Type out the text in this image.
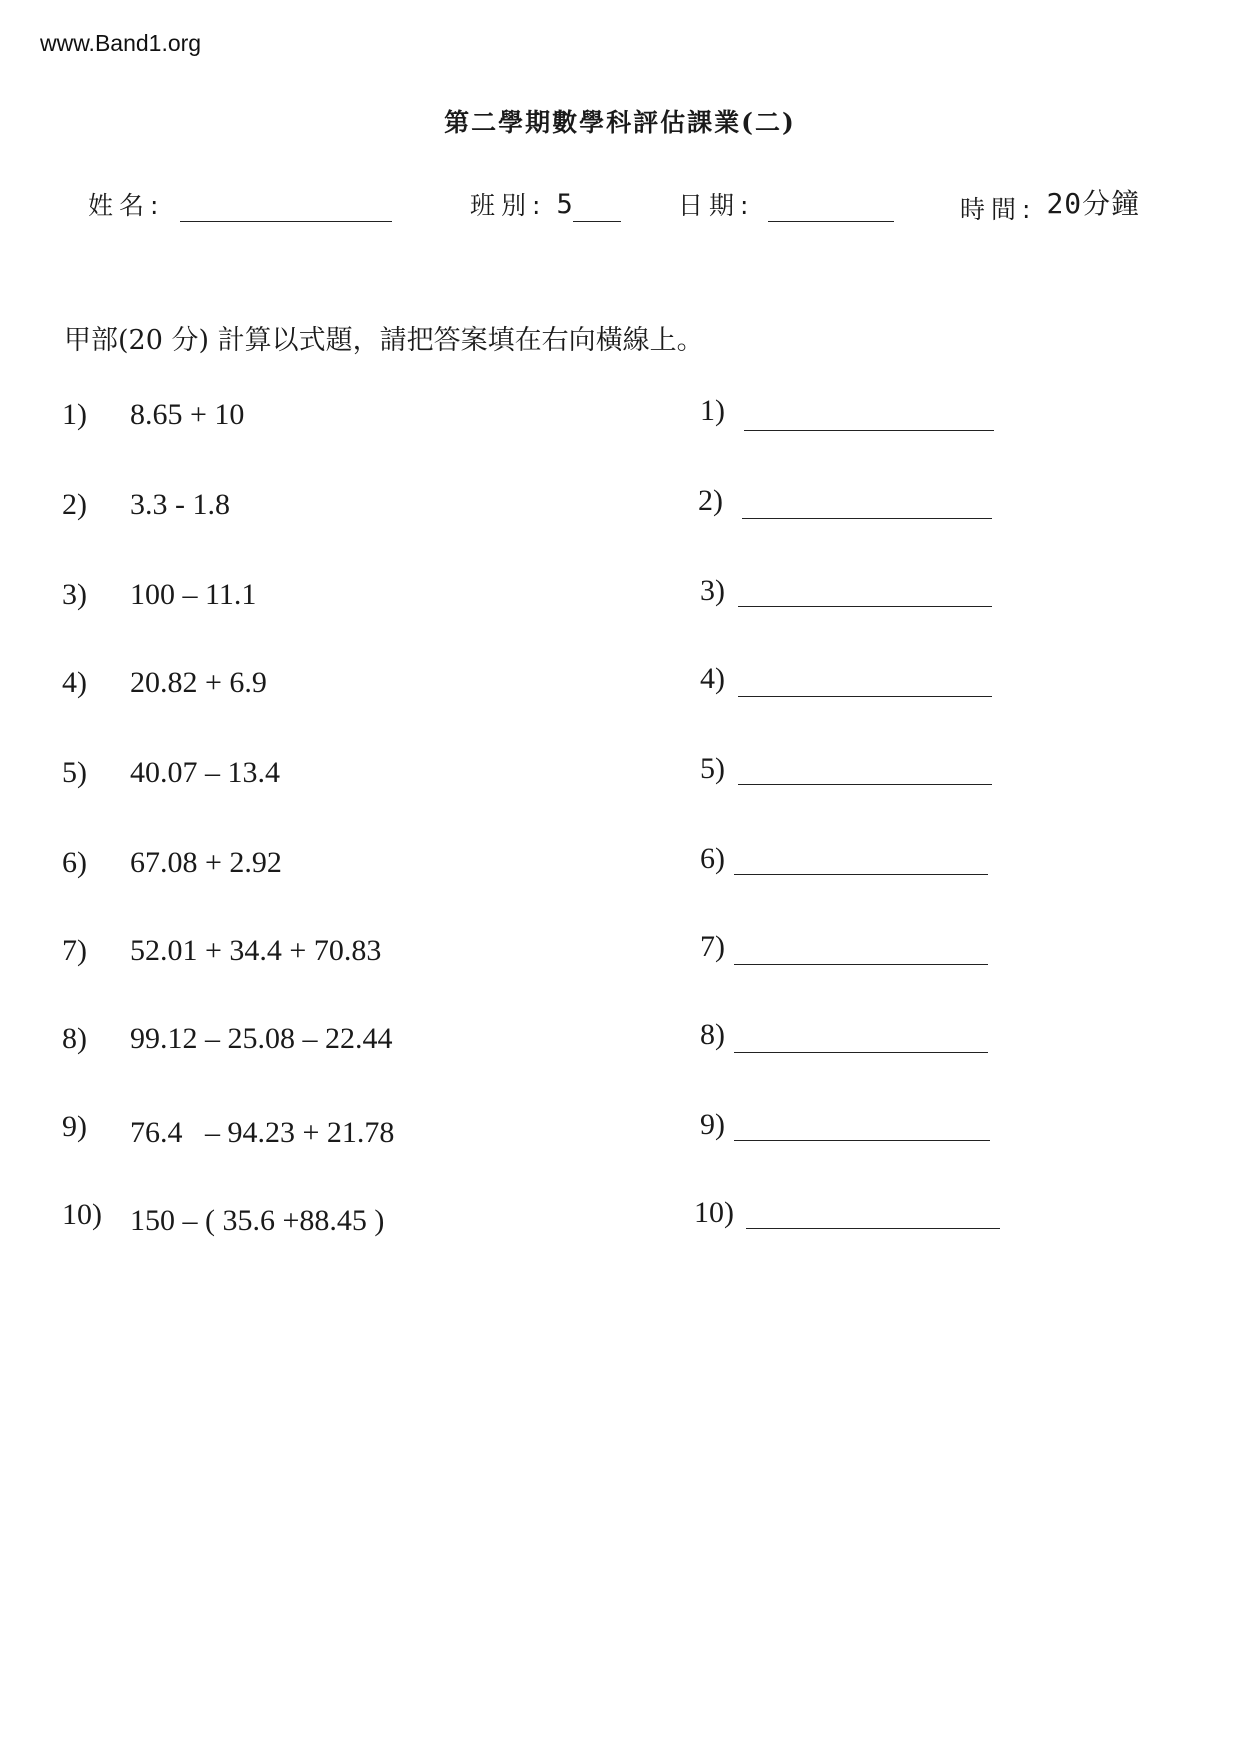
www.Band1.org
第二學期數學科評估課業(二)
姓名:	班別: 5	日期:	時間: 20分鐘
甲部(20 分) 計算以式題，請把答案填在右向橫線上。
1) 8.65 + 10	1)
2) 3.3 - 1.8	2)
3) 100 – 11.1	3)
4) 20.82 + 6.9	4)
5) 40.07 – 13.4	5)
6) 67.08 + 2.92	6)
7) 52.01 + 34.4 + 70.83	7)
8) 99.12 – 25.08 – 22.44	8)
9) 76.4   – 94.23 + 21.78	9)
10) 150 – ( 35.6 +88.45 )	10)
